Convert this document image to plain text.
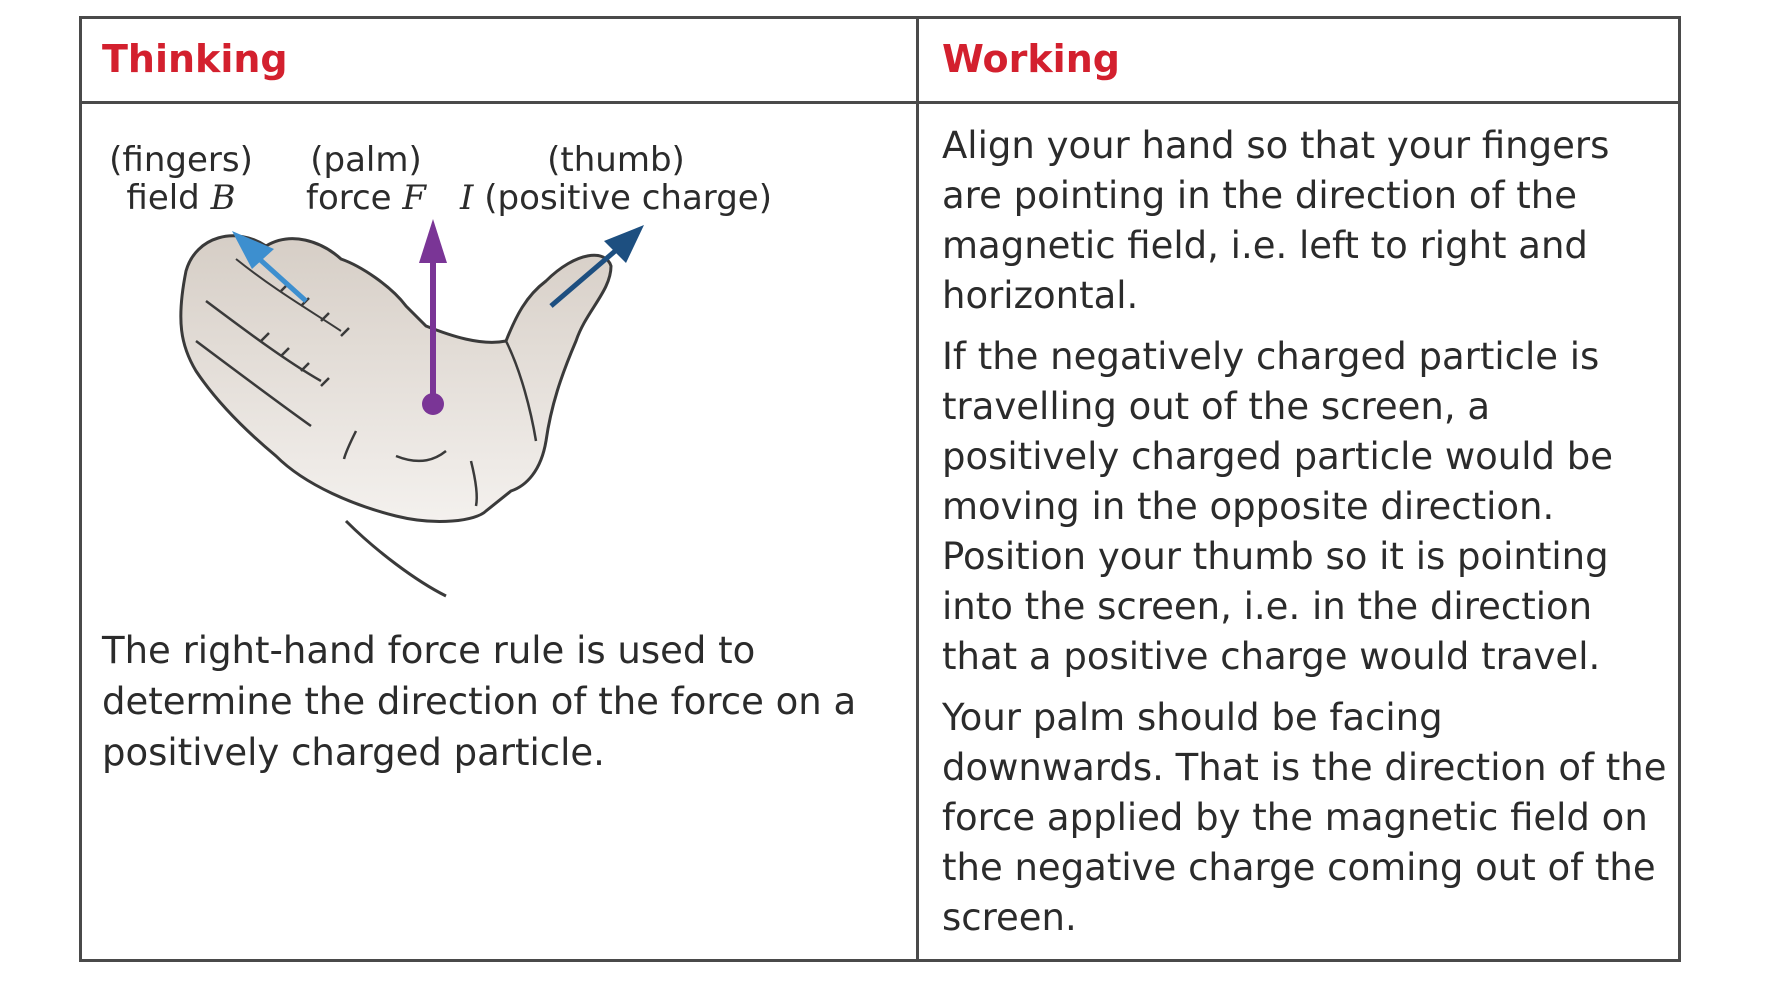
Thinking	Working
(fingers)
field B
(palm)
force F
(thumb)
I (positive charge)
The right-hand force rule is used to determine the direction of the force on a positively charged particle.

Align your hand so that your fingers are pointing in the direction of the magnetic field, i.e. left to right and horizontal.

If the negatively charged particle is travelling out of the screen, a positively charged particle would be moving in the opposite direction. Position your thumb so it is pointing into the screen, i.e. in the direction that a positive charge would travel.

Your palm should be facing downwards. That is the direction of the force applied by the magnetic field on the negative charge coming out of the screen.
